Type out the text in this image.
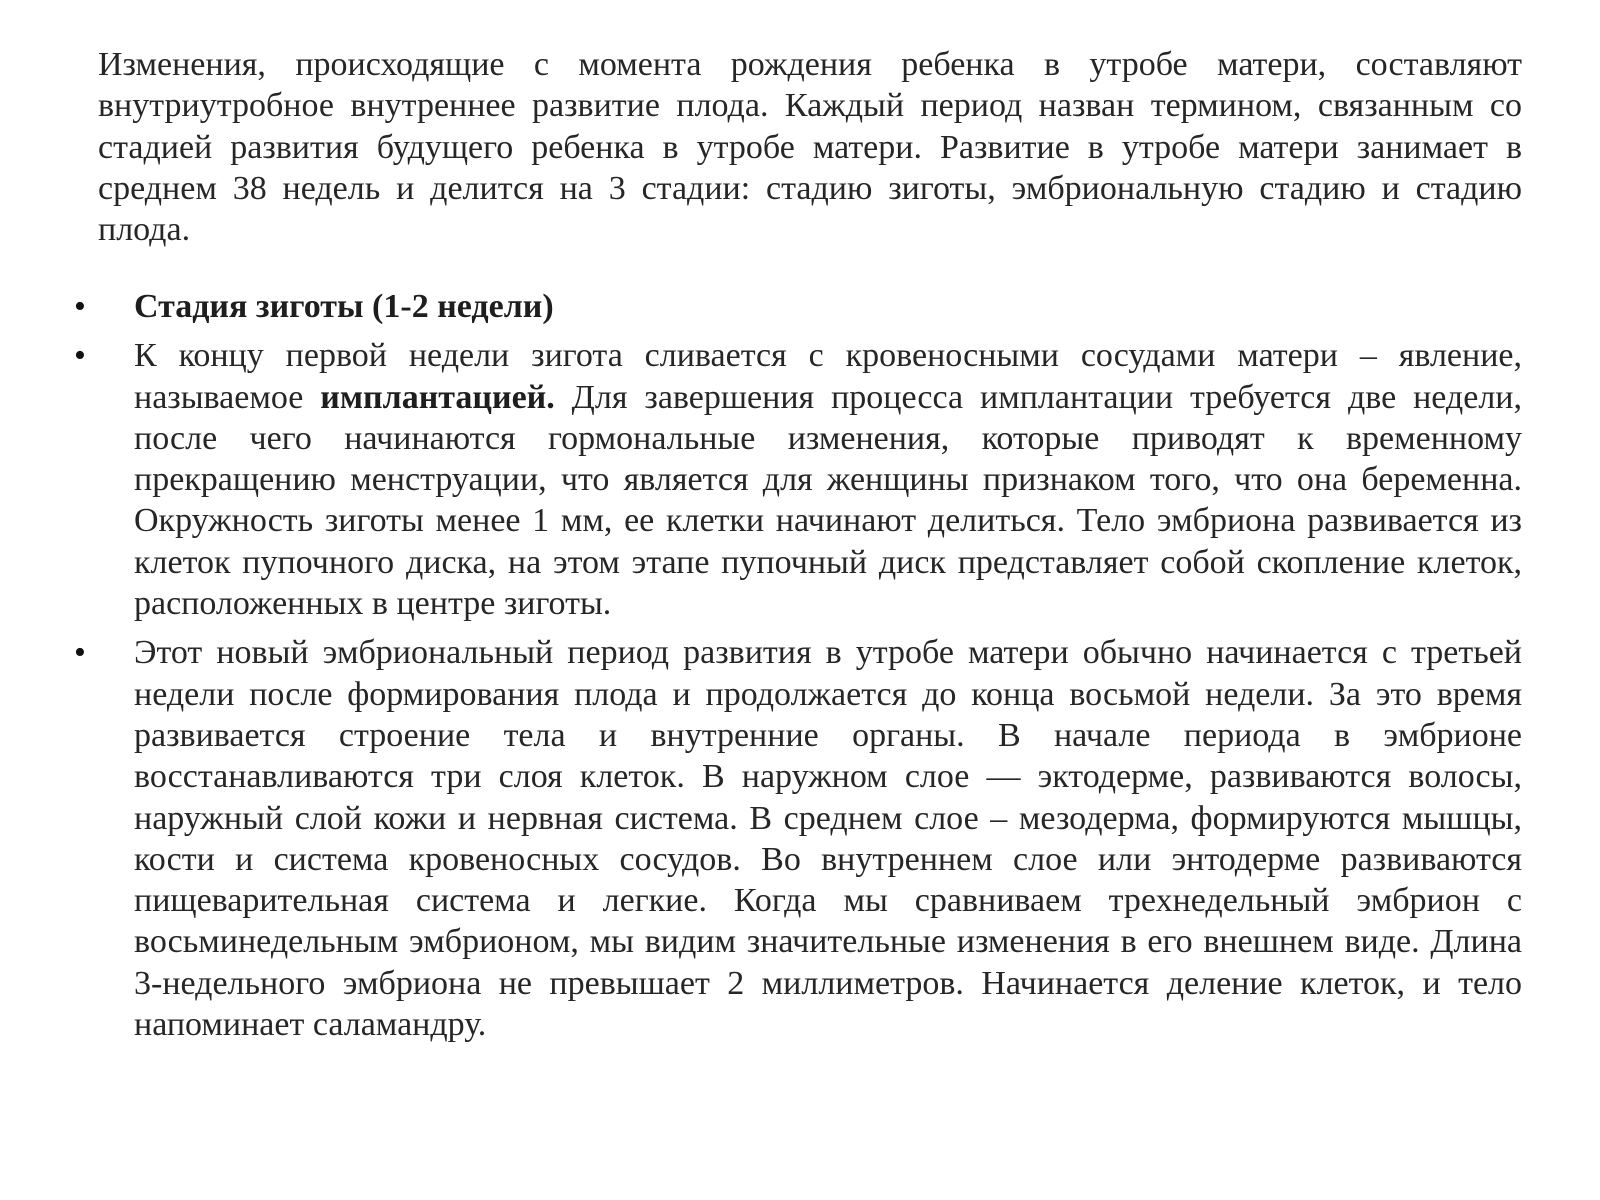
Изменения, происходящие с момента рождения ребенка в утробе матери, составляют внутриутробное внутреннее развитие плода. Каждый период назван термином, связанным со стадией развития будущего ребенка в утробе матери. Развитие в утробе матери занимает в среднем 38 недель и делится на 3 стадии: стадию зиготы, эмбриональную стадию и стадию плода.

• Стадия зиготы (1-2 недели)
• К концу первой недели зигота сливается с кровеносными сосудами матери – явление, называемое имплантацией. Для завершения процесса имплантации требуется две недели, после чего начинаются гормональные изменения, которые приводят к временному прекращению менструации, что является для женщины признаком того, что она беременна. Окружность зиготы менее 1 мм, ее клетки начинают делиться. Тело эмбриона развивается из клеток пупочного диска, на этом этапе пупочный диск представляет собой скопление клеток, расположенных в центре зиготы.
• Этот новый эмбриональный период развития в утробе матери обычно начинается с третьей недели после формирования плода и продолжается до конца восьмой недели. За это время развивается строение тела и внутренние органы. В начале периода в эмбрионе восстанавливаются три слоя клеток. В наружном слое — эктодерме, развиваются волосы, наружный слой кожи и нервная система. В среднем слое – мезодерма, формируются мышцы, кости и система кровеносных сосудов. Во внутреннем слое или энтодерме развиваются пищеварительная система и легкие. Когда мы сравниваем трехнедельный эмбрион с восьминедельным эмбрионом, мы видим значительные изменения в его внешнем виде. Длина 3-недельного эмбриона не превышает 2 миллиметров. Начинается деление клеток, и тело напоминает саламандру.
